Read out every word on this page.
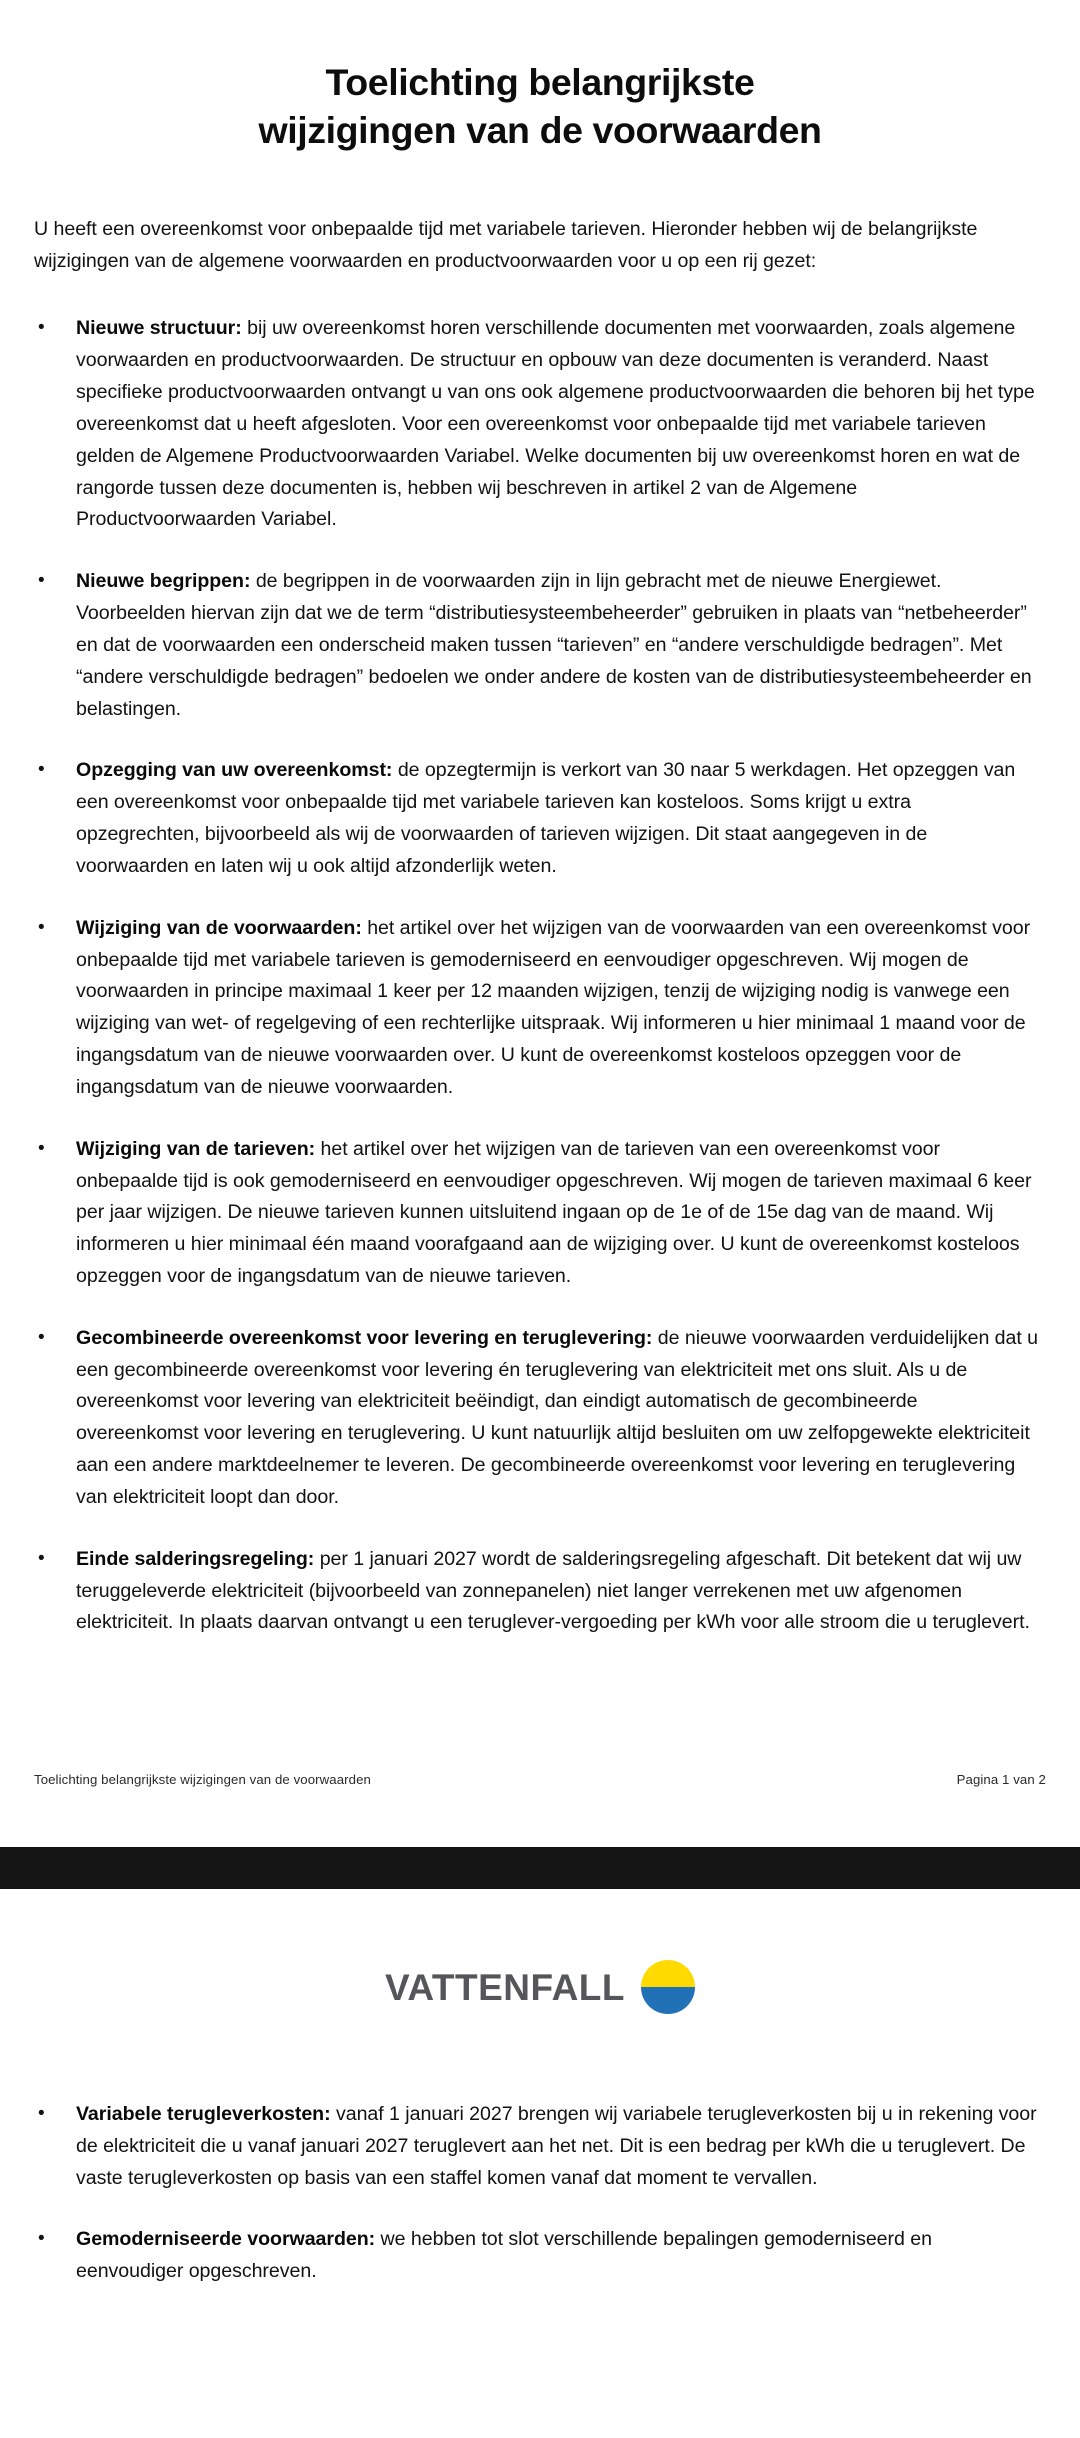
Toelichting belangrijkste
wijzigingen van de voorwaarden

U heeft een overeenkomst voor onbepaalde tijd met variabele tarieven. Hieronder hebben wij de belangrijkste wijzigingen van de algemene voorwaarden en productvoorwaarden voor u op een rij gezet:

•	Nieuwe structuur: bij uw overeenkomst horen verschillende documenten met voorwaarden, zoals algemene voorwaarden en productvoorwaarden. De structuur en opbouw van deze documenten is veranderd. Naast specifieke productvoorwaarden ontvangt u van ons ook algemene productvoorwaarden die behoren bij het type overeenkomst dat u heeft afgesloten. Voor een overeenkomst voor onbepaalde tijd met variabele tarieven gelden de Algemene Productvoorwaarden Variabel. Welke documenten bij uw overeenkomst horen en wat de rangorde tussen deze documenten is, hebben wij beschreven in artikel 2 van de Algemene Productvoorwaarden Variabel.
•	Nieuwe begrippen: de begrippen in de voorwaarden zijn in lijn gebracht met de nieuwe Energiewet. Voorbeelden hiervan zijn dat we de term “distributiesysteembeheerder” gebruiken in plaats van “netbeheerder” en dat de voorwaarden een onderscheid maken tussen “tarieven” en “andere verschuldigde bedragen”. Met “andere verschuldigde bedragen” bedoelen we onder andere de kosten van de distributiesysteembeheerder en belastingen.
•	Opzegging van uw overeenkomst: de opzegtermijn is verkort van 30 naar 5 werkdagen. Het opzeggen van een overeenkomst voor onbepaalde tijd met variabele tarieven kan kosteloos. Soms krijgt u extra opzegrechten, bijvoorbeeld als wij de voorwaarden of tarieven wijzigen. Dit staat aangegeven in de voorwaarden en laten wij u ook altijd afzonderlijk weten.
•	Wijziging van de voorwaarden: het artikel over het wijzigen van de voorwaarden van een overeenkomst voor onbepaalde tijd met variabele tarieven is gemoderniseerd en eenvoudiger opgeschreven. Wij mogen de voorwaarden in principe maximaal 1 keer per 12 maanden wijzigen, tenzij de wijziging nodig is vanwege een wijziging van wet- of regelgeving of een rechterlijke uitspraak. Wij informeren u hier minimaal 1 maand voor de ingangsdatum van de nieuwe voorwaarden over. U kunt de overeenkomst kosteloos opzeggen voor de ingangsdatum van de nieuwe voorwaarden.
•	Wijziging van de tarieven: het artikel over het wijzigen van de tarieven van een overeenkomst voor onbepaalde tijd is ook gemoderniseerd en eenvoudiger opgeschreven. Wij mogen de tarieven maximaal 6 keer per jaar wijzigen. De nieuwe tarieven kunnen uitsluitend ingaan op de 1e of de 15e dag van de maand. Wij informeren u hier minimaal één maand voorafgaand aan de wijziging over. U kunt de overeenkomst kosteloos opzeggen voor de ingangsdatum van de nieuwe tarieven.
•	Gecombineerde overeenkomst voor levering en teruglevering: de nieuwe voorwaarden verduidelijken dat u een gecombineerde overeenkomst voor levering én teruglevering van elektriciteit met ons sluit. Als u de overeenkomst voor levering van elektriciteit beëindigt, dan eindigt automatisch de gecombineerde overeenkomst voor levering en teruglevering. U kunt natuurlijk altijd besluiten om uw zelfopgewekte elektriciteit aan een andere marktdeelnemer te leveren. De gecombineerde overeenkomst voor levering en teruglevering van elektriciteit loopt dan door.
•	Einde salderingsregeling: per 1 januari 2027 wordt de salderingsregeling afgeschaft. Dit betekent dat wij uw teruggeleverde elektriciteit (bijvoorbeeld van zonnepanelen) niet langer verrekenen met uw afgenomen elektriciteit. In plaats daarvan ontvangt u een teruglever-vergoeding per kWh voor alle stroom die u teruglevert.
Toelichting belangrijkste wijzigingen van de voorwaarden	Pagina 1 van 2
VATTENFALL
•	Variabele terugleverkosten: vanaf 1 januari 2027 brengen wij variabele terugleverkosten bij u in rekening voor de elektriciteit die u vanaf januari 2027 teruglevert aan het net. Dit is een bedrag per kWh die u teruglevert. De vaste terugleverkosten op basis van een staffel komen vanaf dat moment te vervallen.
•	Gemoderniseerde voorwaarden: we hebben tot slot verschillende bepalingen gemoderniseerd en eenvoudiger opgeschreven.
